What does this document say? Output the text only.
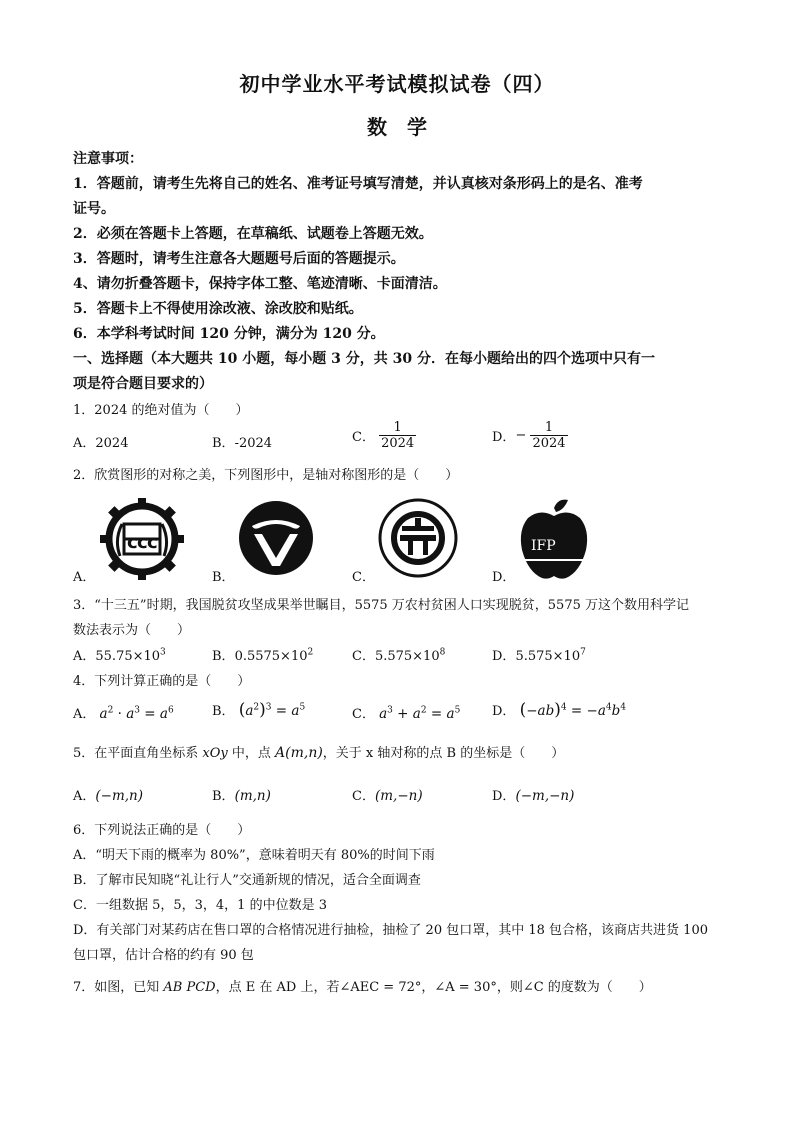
初中学业水平考试模拟试卷（四）
数　学
注意事项：
1．答题前，请考生先将自己的姓名、准考证号填写清楚，并认真核对条形码上的是名、准考
证号。
2．必须在答题卡上答题，在草稿纸、试题卷上答题无效。
3．答题时，请考生注意各大题题号后面的答题提示。
4、请勿折叠答题卡，保持字体工整、笔迹清晰、卡面清洁。
5．答题卡上不得使用涂改液、涂改胶和贴纸。
6．本学科考试时间 120 分钟，满分为 120 分。
一、选择题（本大题共 10 小题，每小题 3 分，共 30 分．在每小题给出的四个选项中只有一
项是符合题目要求的）
1．2024 的绝对值为（　　）
A．2024	B．-2024	C． $\frac{1}{2024}$	D．− $\frac{1}{2024}$
2．欣赏图形的对称之美，下列图形中，是轴对称图形的是（　　）
c c c	IFP
A．	B．	C．	D．
3．“十三五”时期，我国脱贫攻坚成果举世瞩目，5575 万农村贫困人口实现脱贫，5575 万这个数用科学记
数法表示为（　　）
A．$55.75\times 10^3$	B．$0.5575\times 10^2$	C．$5.575\times 10^8$	D．$5.575\times 10^7$
4．下列计算正确的是（　　）
A． $a^2 \cdot a^3 = a^6$	B． $(a^2)^3 = a^5$	C． $a^3 + a^2 = a^5$ D． $(-ab)^4 = -a^4b^4$
5．在平面直角坐标系 xOy 中，点 A(m,n)，关于 x 轴对称的点 B 的坐标是（　　）
A．(−m,n)	B．(m,n)	C．(m,−n)	D．(−m,−n)
6．下列说法正确的是（　　）
A．“明天下雨的概率为 80%”，意味着明天有 80%的时间下雨
B．了解市民知晓“礼让行人”交通新规的情况，适合全面调查
C．一组数据 5，5，3，4，1 的中位数是 3
D．有关部门对某药店在售口罩的合格情况进行抽检，抽检了 20 包口罩，其中 18 包合格，该商店共进货 100
包口罩，估计合格的约有 90 包
7．如图，已知 AB PCD，点 E 在 AD 上，若∠AEC = 72°，∠A = 30°，则∠C 的度数为（　　）
